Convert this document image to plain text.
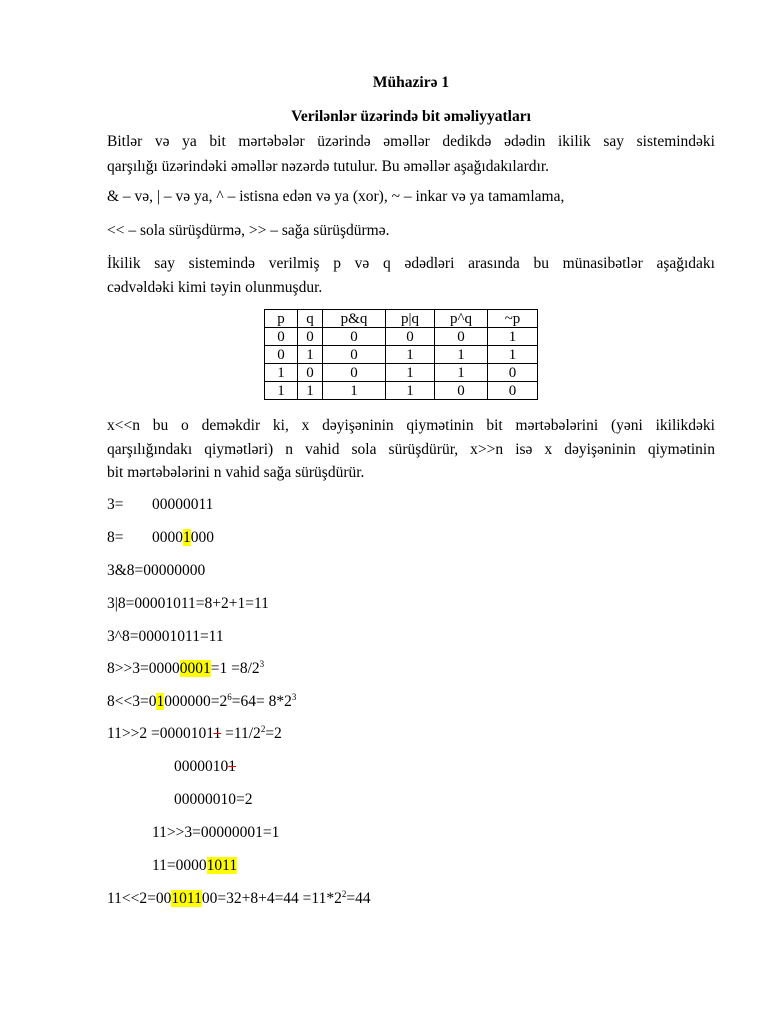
Mühazirə 1
Verilənlər üzərində bit əməliyyatları
Bitlər və ya bit mərtəbələr üzərində əməllər dedikdə ədədin ikilik say sistemindəki
qarşılığı üzərindəki əməllər nəzərdə tutulur. Bu əməllər aşağıdakılardır.
& – və, | – və ya, ^ – istisna edən və ya (xor), ~ – inkar və ya tamamlama,
<< – sola sürüşdürmə, >> – sağa sürüşdürmə.
İkilik say sistemində verilmiş p və q ədədləri arasında bu münasibətlər aşağıdakı
cədvəldəki kimi təyin olunmuşdur.
p	q	p&q	p|q	p^q	~p
0	0	0	0	0	1
0	1	0	1	1	1
1	0	0	1	1	0
1	1	1	1	0	0
x<<n bu o deməkdir ki, x dəyişəninin qiymətinin bit mərtəbələrini (yəni ikilikdəki
qarşılığındakı qiymətləri) n vahid sola sürüşdürür, x>>n isə x dəyişəninin qiymətinin
bit mərtəbələrini n vahid sağa sürüşdürür.
3= 00000011
8= 00001000
3&8=00000000
3|8=00001011=8+2+1=11
3^8=00001011=11
$8>>3=00000001=1 =8/2^3$
$8<<3=01000000=2^6=64= 8*2^3$
$11>>2 =00001011 =11/2^2=2$
00000101
00000010=2
11>>3=00000001=1
11=00001011
$11<<2=00101100=32+8+4=44 =11*2^2=44$
